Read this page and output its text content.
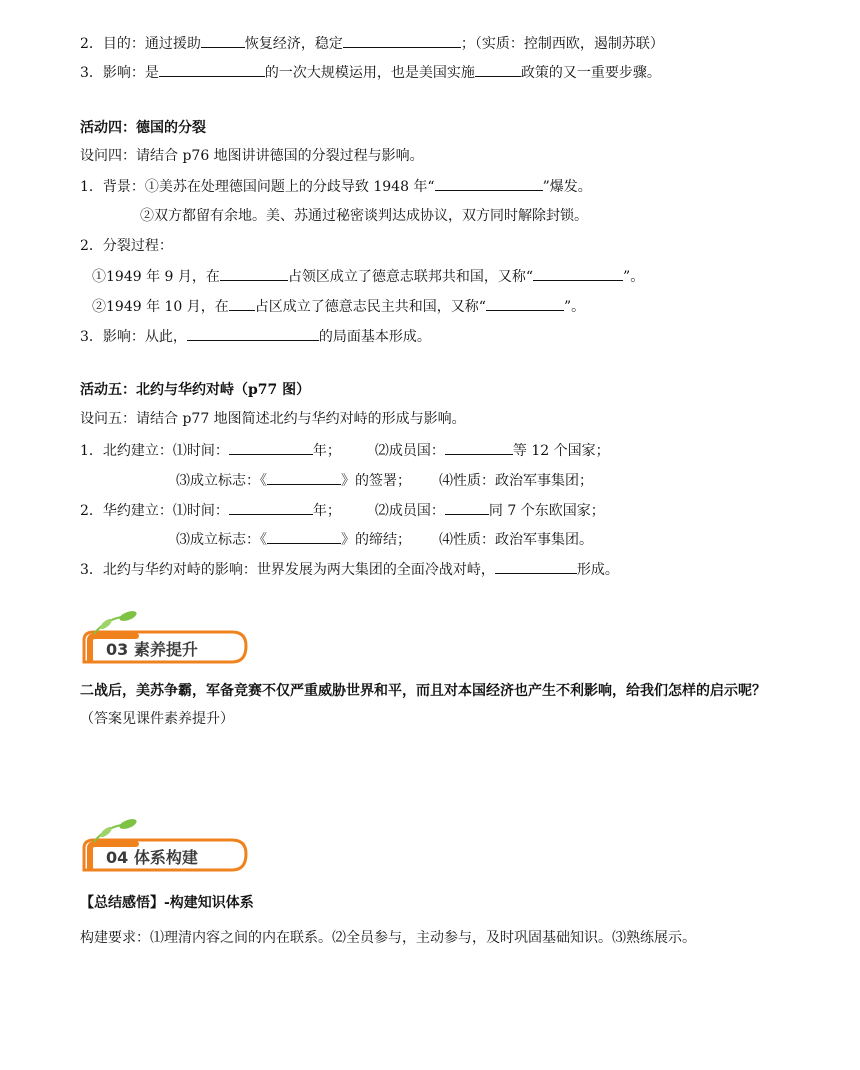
2．目的：通过援助	恢复经济，稳定	；（实质：控制西欧，遏制苏联）
3．影响：是	的一次大规模运用，也是美国实施	政策的又一重要步骤。
活动四：德国的分裂
设问四：请结合 p76 地图讲讲德国的分裂过程与影响。
1．背景：①美苏在处理德国问题上的分歧导致 1948 年“	”爆发。
②双方都留有余地。美、苏通过秘密谈判达成协议，双方同时解除封锁。
2．分裂过程：
①1949 年 9 月，在	占领区成立了德意志联邦共和国，又称“	”。
②1949 年 10 月，在 占区成立了德意志民主共和国，又称“	”。
3．影响：从此，	的局面基本形成。
活动五：北约与华约对峙（p77 图）
设问五：请结合 p77 地图简述北约与华约对峙的形成与影响。
1．北约建立：⑴时间：	年； ⑵成员国：	等 12 个国家；
⑶成立标志：《	》的签署； ⑷性质：政治军事集团；
2．华约建立：⑴时间：	年； ⑵成员国：	同 7 个东欧国家；
⑶成立标志：《	》的缔结； ⑷性质：政治军事集团。
3．北约与华约对峙的影响：世界发展为两大集团的全面冷战对峙，	形成。
03 素养提升
二战后，美苏争霸，军备竞赛不仅严重威胁世界和平，而且对本国经济也产生不利影响，给我们怎样的启示呢？（答案见课件素养提升）
04 体系构建
【总结感悟】-构建知识体系
构建要求：⑴理清内容之间的内在联系。⑵全员参与，主动参与，及时巩固基础知识。⑶熟练展示。
